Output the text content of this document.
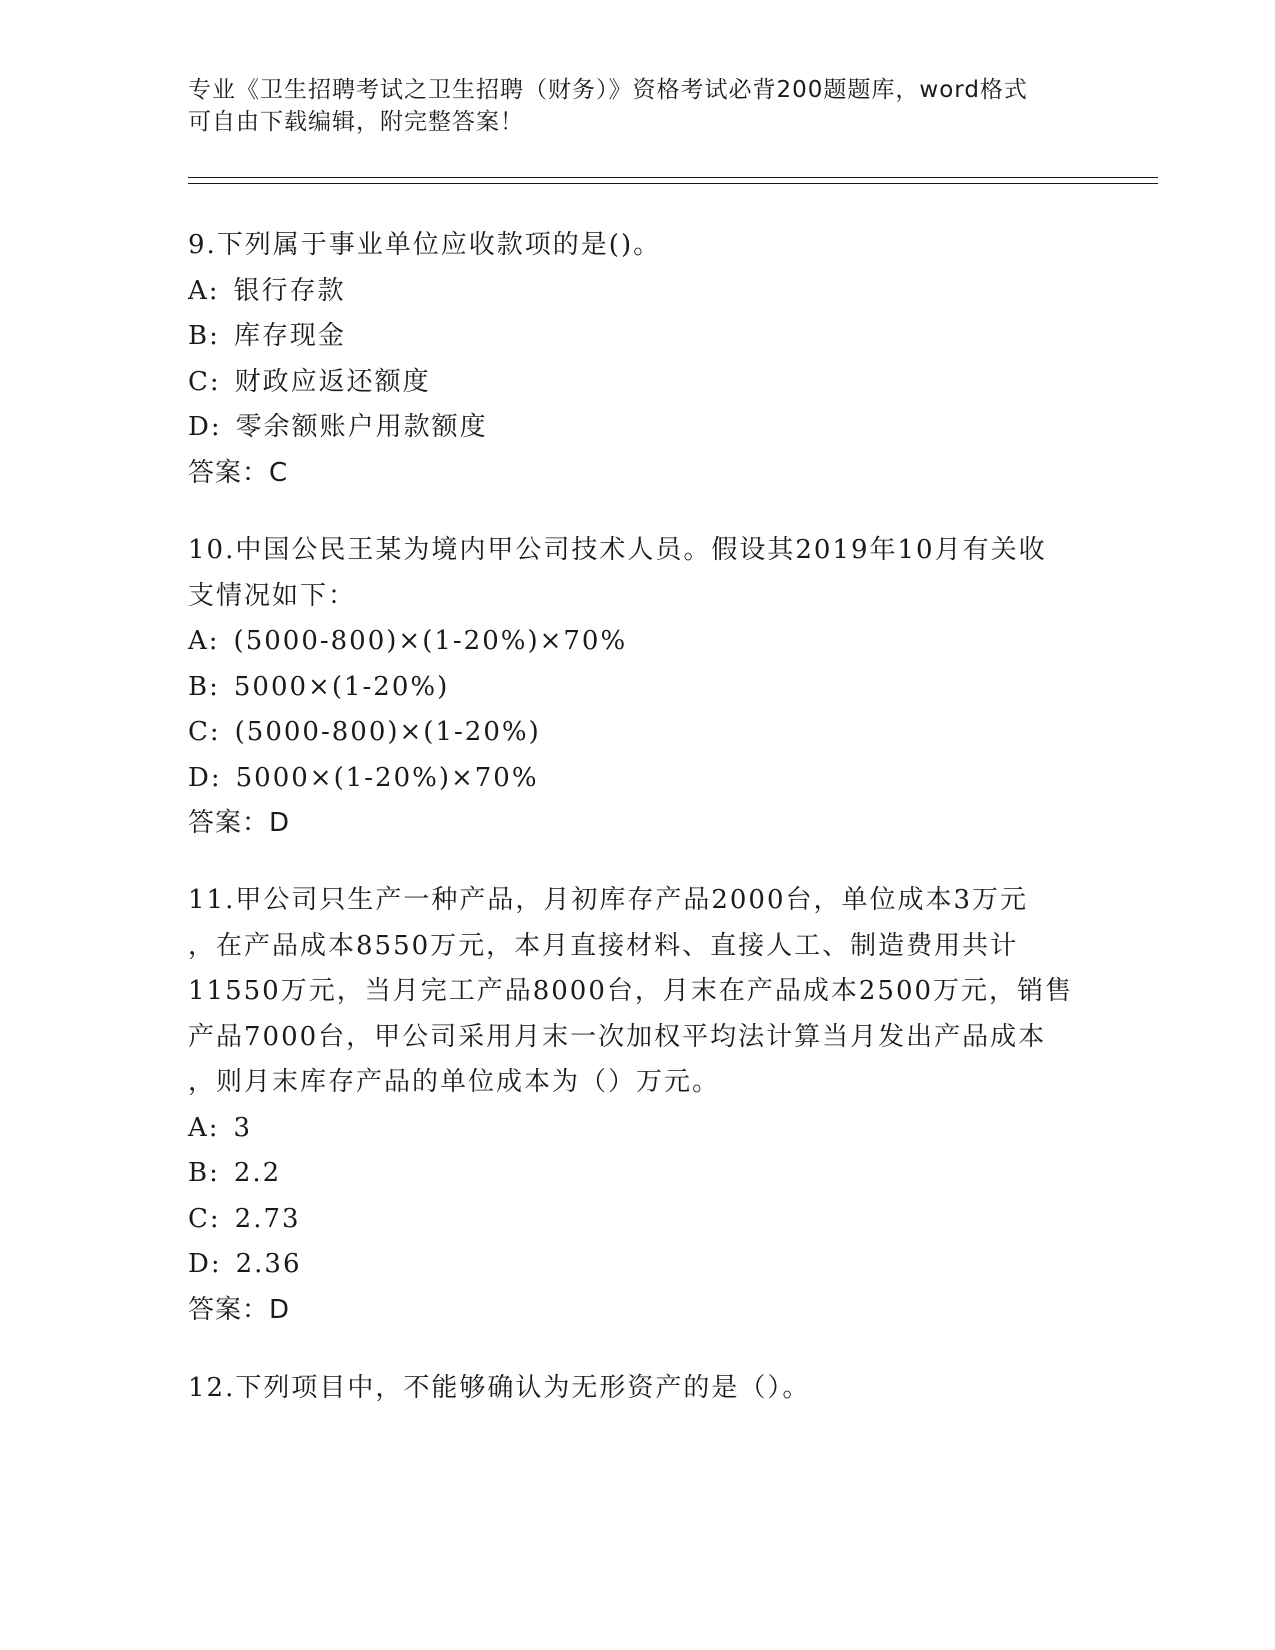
专业《卫生招聘考试之卫生招聘（财务）》资格考试必背200题题库，word格式
可自由下载编辑，附完整答案！
9.下列属于事业单位应收款项的是()。
A: 银行存款
B: 库存现金
C: 财政应返还额度
D: 零余额账户用款额度
答案：C
10.中国公民王某为境内甲公司技术人员。假设其2019年10月有关收
支情况如下：
A: (5000-800)×(1-20%)×70%
B: 5000×(1-20%)
C: (5000-800)×(1-20%)
D: 5000×(1-20%)×70%
答案：D
11.甲公司只生产一种产品，月初库存产品2000台，单位成本3万元
，在产品成本8550万元，本月直接材料、直接人工、制造费用共计
11550万元，当月完工产品8000台，月末在产品成本2500万元，销售
产品7000台，甲公司采用月末一次加权平均法计算当月发出产品成本
，则月末库存产品的单位成本为（）万元。
A: 3
B: 2.2
C: 2.73
D: 2.36
答案：D
12.下列项目中，不能够确认为无形资产的是（）。
